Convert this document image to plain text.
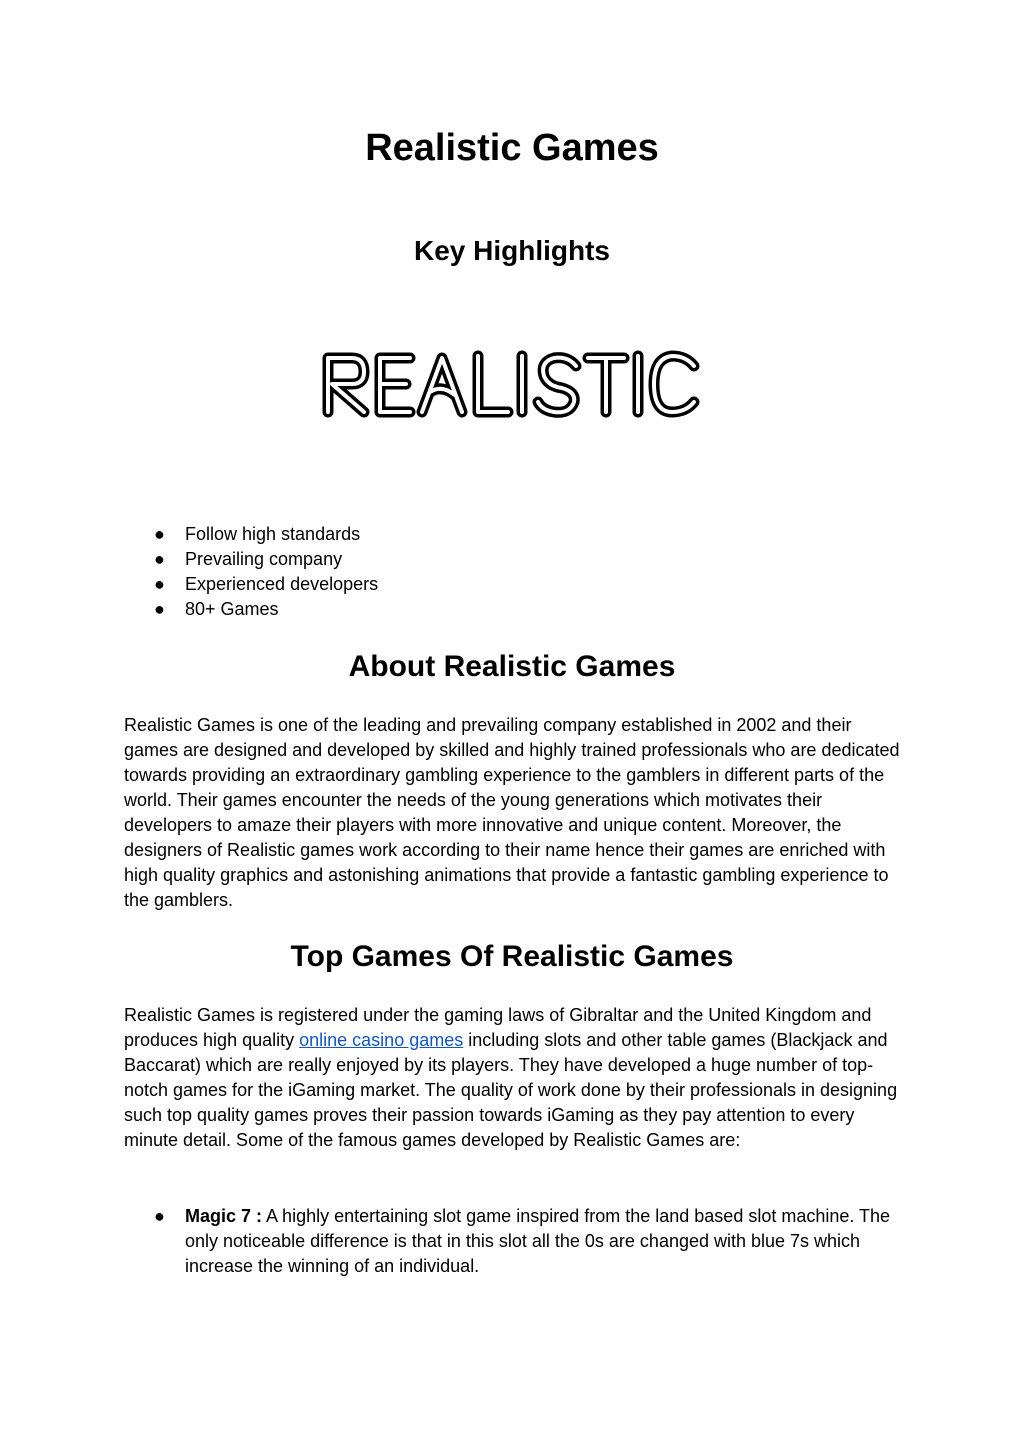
Realistic Games
Key Highlights
● Follow high standards
● Prevailing company
● Experienced developers
● 80+ Games
About Realistic Games

Realistic Games is one of the leading and prevailing company established in 2002 and their games are designed and developed by skilled and highly trained professionals who are dedicated towards providing an extraordinary gambling experience to the gamblers in different parts of the world. Their games encounter the needs of the young generations which motivates their developers to amaze their players with more innovative and unique content. Moreover, the designers of Realistic games work according to their name hence their games are enriched with high quality graphics and astonishing animations that provide a fantastic gambling experience to the gamblers.

Top Games Of Realistic Games

Realistic Games is registered under the gaming laws of Gibraltar and the United Kingdom and produces high quality online casino games including slots and other table games (Blackjack and Baccarat) which are really enjoyed by its players. They have developed a huge number of top-notch games for the iGaming market. The quality of work done by their professionals in designing such top quality games proves their passion towards iGaming as they pay attention to every minute detail. Some of the famous games developed by Realistic Games are:

● Magic 7 : A highly entertaining slot game inspired from the land based slot machine. The only noticeable difference is that in this slot all the 0s are changed with blue 7s which increase the winning of an individual.
